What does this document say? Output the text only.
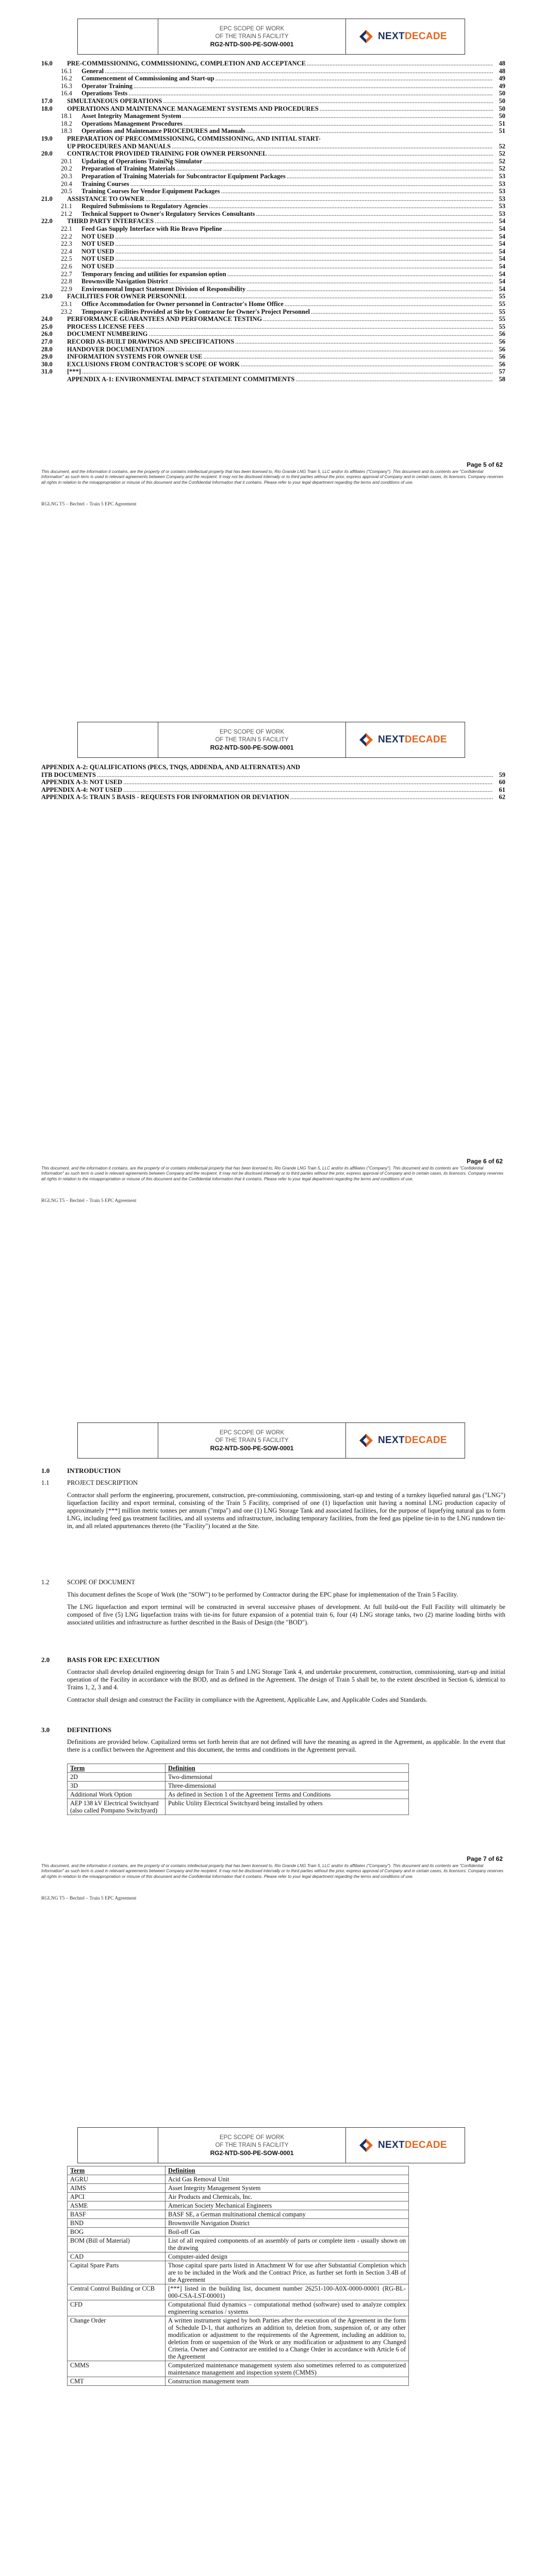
EPC SCOPE OF WORK
OF THE TRAIN 5 FACILITY
RG2-NTD-S00-PE-SOW-0001
NEXTDECADE
16.0	PRE-COMMISSIONING, COMMISSIONING, COMPLETION AND ACCEPTANCE .....	48
16.1	General .....	48
16.2	Commencement of Commissioning and Start-up .....	49
16.3	Operator Training .....	49
16.4	Operations Tests .....	50
17.0	SIMULTANEOUS OPERATIONS .....	50
18.0	OPERATIONS AND MAINTENANCE MANAGEMENT SYSTEMS AND PROCEDURES .....	50
18.1	Asset Integrity Management System .....	50
18.2	Operations Management Procedures .....	51
18.3	Operations and Maintenance PROCEDURES and Manuals .....	51
19.0	PREPARATION OF PRECOMMISSIONING, COMMISSIONING, AND INITIAL START-
UP PROCEDURES AND MANUALS .....	52
20.0	CONTRACTOR PROVIDED TRAINING FOR OWNER PERSONNEL .....	52
20.1	Updating of Operations TrainiNg Simulator .....	52
20.2	Preparation of Training Materials .....	52
20.3	Preparation of Training Materials for Subcontractor Equipment Packages .....	53
20.4	Training Courses .....	53
20.5	Training Courses for Vendor Equipment Packages .....	53
21.0	ASSISTANCE TO OWNER .....	53
21.1	Required Submissions to Regulatory Agencies .....	53
21.2	Technical Support to Owner's Regulatory Services Consultants .....	53
22.0	THIRD PARTY INTERFACES .....	54
22.1	Feed Gas Supply Interface with Rio Bravo Pipeline .....	54
22.2	NOT USED .....	54
22.3	NOT USED .....	54
22.4	NOT USED .....	54
22.5	NOT USED .....	54
22.6	NOT USED .....	54
22.7	Temporary fencing and utilities for expansion option .....	54
22.8	Brownsville Navigation District .....	54
22.9	Environmental Impact Statement Division of Responsibility .....	54
23.0	FACILITIES FOR OWNER PERSONNEL .....	55
23.1	Office Accommodation for Owner personnel in Contractor's Home Office .....	55
23.2	Temporary Facilities Provided at Site by Contractor for Owner's Project Personnel .....	55
24.0	PERFORMANCE GUARANTEES AND PERFORMANCE TESTING .....	55
25.0	PROCESS LICENSE FEES .....	55
26.0	DOCUMENT NUMBERING .....	56
27.0	RECORD AS-BUILT DRAWINGS AND SPECIFICATIONS .....	56
28.0	HANDOVER DOCUMENTATION .....	56
29.0	INFORMATION SYSTEMS FOR OWNER USE .....	56
30.0	EXCLUSIONS FROM CONTRACTOR'S SCOPE OF WORK .....	56
31.0	[***] .....	57
APPENDIX A-1: ENVIRONMENTAL IMPACT STATEMENT COMMITMENTS .....	58
Page 5 of 62
This document, and the information it contains, are the property of or contains intellectual property that has been licensed to, Rio Grande LNG Train 5, LLC and/or its affiliates ("Company"). This document and its contents are "Confidential Information" as such term is used in relevant agreements between Company and the recipient. It may not be disclosed internally or to third parties without the prior, express approval of Company and in certain cases, its licensors. Company reserves all rights in relation to the misappropriation or misuse of this document and the Confidential Information that it contains. Please refer to your legal department regarding the terms and conditions of use.
RGLNG T5 – Bechtel – Train 5 EPC Agreement
EPC SCOPE OF WORK
OF THE TRAIN 5 FACILITY
RG2-NTD-S00-PE-SOW-0001
NEXTDECADE
APPENDIX A-2: QUALIFICATIONS (PECS, TNQS, ADDENDA, AND ALTERNATES) AND
ITB DOCUMENTS .....	59
APPENDIX A-3: NOT USED .....	60
APPENDIX A-4: NOT USED .....	61
APPENDIX A-5: TRAIN 5 BASIS - REQUESTS FOR INFORMATION OR DEVIATION .....	62
Page 6 of 62
This document, and the information it contains, are the property of or contains intellectual property that has been licensed to, Rio Grande LNG Train 5, LLC and/or its affiliates ("Company"). This document and its contents are "Confidential Information" as such term is used in relevant agreements between Company and the recipient. It may not be disclosed internally or to third parties without the prior, express approval of Company and in certain cases, its licensors. Company reserves all rights in relation to the misappropriation or misuse of this document and the Confidential Information that it contains. Please refer to your legal department regarding the terms and conditions of use.
RGLNG T5 – Bechtel – Train 5 EPC Agreement
EPC SCOPE OF WORK
OF THE TRAIN 5 FACILITY
RG2-NTD-S00-PE-SOW-0001
NEXTDECADE
1.0	INTRODUCTION
1.1	PROJECT DESCRIPTION
Contractor shall perform the engineering, procurement, construction, pre-commissioning, commissioning, start-up and testing of a turnkey liquefied natural gas ("LNG") liquefaction facility and export terminal, consisting of the Train 5 Facility, comprised of one (1) liquefaction unit having a nominal LNG production capacity of approximately [***] million metric tonnes per annum ("mtpa") and one (1) LNG Storage Tank and associated facilities, for the purpose of liquefying natural gas to form LNG, including feed gas treatment facilities, and all systems and infrastructure, including temporary facilities, from the feed gas pipeline tie-in to the LNG rundown tie-in, and all related appurtenances thereto (the "Facility") located at the Site.
1.2	SCOPE OF DOCUMENT
This document defines the Scope of Work (the "SOW") to be performed by Contractor during the EPC phase for implementation of the Train 5 Facility.
The LNG liquefaction and export terminal will be constructed in several successive phases of development. At full build-out the Full Facility will ultimately be composed of five (5) LNG liquefaction trains with tie-ins for future expansion of a potential train 6, four (4) LNG storage tanks, two (2) marine loading births with associated utilities and infrastructure as further described in the Basis of Design (the "BOD").
2.0	BASIS FOR EPC EXECUTION
Contractor shall develop detailed engineering design for Train 5 and LNG Storage Tank 4, and undertake procurement, construction, commissioning, start-up and initial operation of the Facility in accordance with the BOD, and as defined in the Agreement. The design of Train 5 shall be, to the extent described in Section 6, identical to Trains 1, 2, 3 and 4.
Contractor shall design and construct the Facility in compliance with the Agreement, Applicable Law, and Applicable Codes and Standards.
3.0	DEFINITIONS
Definitions are provided below. Capitalized terms set forth herein that are not defined will have the meaning as agreed in the Agreement, as applicable. In the event that there is a conflict between the Agreement and this document, the terms and conditions in the Agreement prevail.
Term	Definition
2D	Two-dimensional
3D	Three-dimensional
Additional Work Option	As defined in Section 1 of the Agreement Terms and Conditions
AEP 138 kV Electrical Switchyard (also called Pompano Switchyard)	Public Utility Electrical Switchyard being installed by others
Page 7 of 62
This document, and the information it contains, are the property of or contains intellectual property that has been licensed to, Rio Grande LNG Train 5, LLC and/or its affiliates ("Company"). This document and its contents are "Confidential Information" as such term is used in relevant agreements between Company and the recipient. It may not be disclosed internally or to third parties without the prior, express approval of Company and in certain cases, its licensors. Company reserves all rights in relation to the misappropriation or misuse of this document and the Confidential Information that it contains. Please refer to your legal department regarding the terms and conditions of use.
RGLNG T5 – Bechtel – Train 5 EPC Agreement
EPC SCOPE OF WORK
OF THE TRAIN 5 FACILITY
RG2-NTD-S00-PE-SOW-0001
NEXTDECADE
Term	Definition
AGRU	Acid Gas Removal Unit
AIMS	Asset Integrity Management System
APCI	Air Products and Chemicals, Inc.
ASME	American Society Mechanical Engineers
BASF	BASF SE, a German multinational chemical company
BND	Brownsville Navigation District
BOG	Boil-off Gas
BOM (Bill of Material)	List of all required components of an assembly of parts or complete item - usually shown on the drawing
CAD	Computer-aided design
Capital Spare Parts	Those capital spare parts listed in Attachment W for use after Substantial Completion which are to be included in the Work and the Contract Price, as further set forth in Section 3.4B of the Agreement
Central Control Building or CCB	[***] listed in the building list, document number 26251-100-A0X-0000-00001 (RG-BL-000-CSA-LST-00001)
CFD	Computational fluid dynamics – computational method (software) used to analyze complex engineering scenarios / systems
Change Order	A written instrument signed by both Parties after the execution of the Agreement in the form of Schedule D-1, that authorizes an addition to, deletion from, suspension of, or any other modification or adjustment to the requirements of the Agreement, including an addition to, deletion from or suspension of the Work or any modification or adjustment to any Changed Criteria. Owner and Contractor are entitled to a Change Order in accordance with Article 6 of the Agreement
CMMS	Computerized maintenance management system also sometimes referred to as computerized maintenance management and inspection system (CMMS)
CMT	Construction management team
